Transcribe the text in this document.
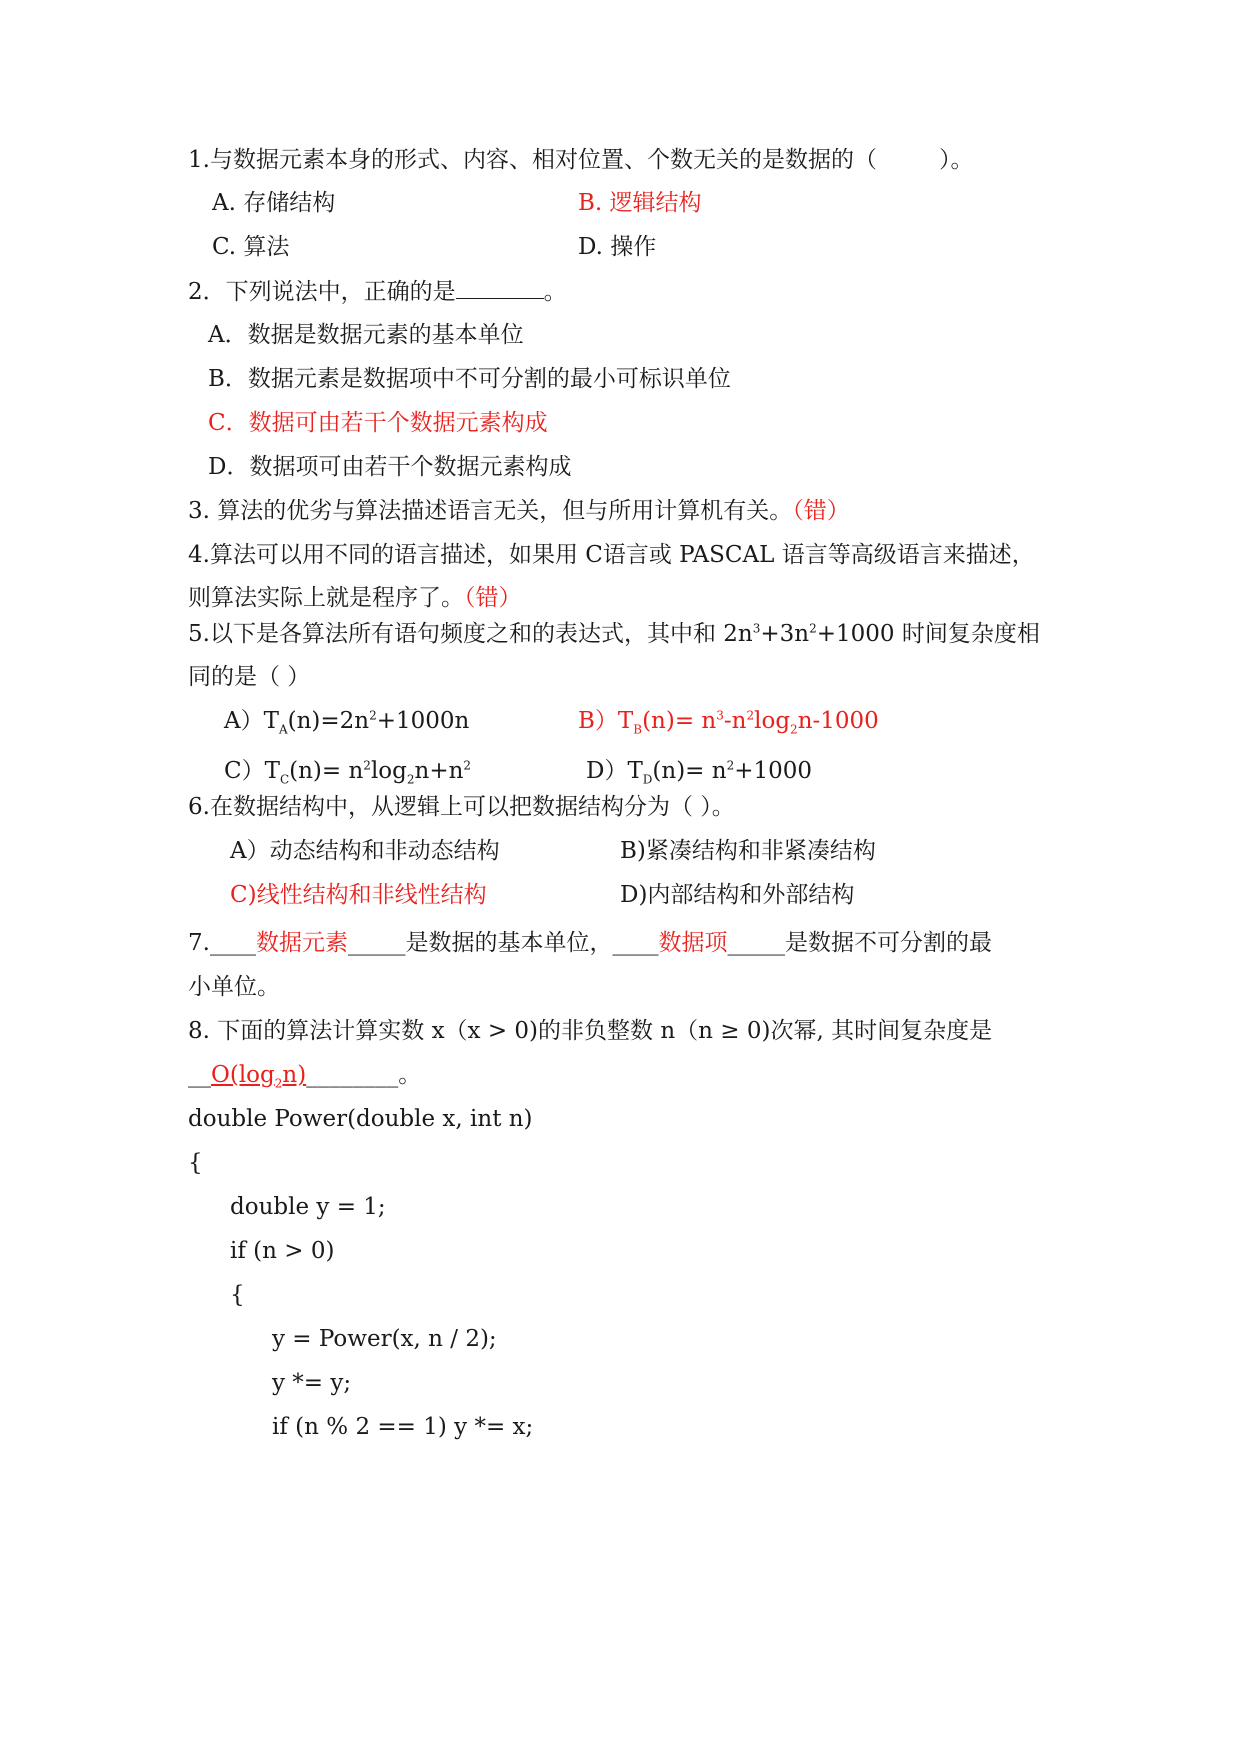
1.与数据元素本身的形式、内容、相对位置、个数无关的是数据的（	）。
A. 存储结构	B. 逻辑结构
C. 算法	D. 操作
2．下列说法中，正确的是	。
A．数据是数据元素的基本单位
B．数据元素是数据项中不可分割的最小可标识单位
C．数据可由若干个数据元素构成
D．数据项可由若干个数据元素构成
3. 算法的优劣与算法描述语言无关，但与所用计算机有关。（错）
4.算法可以用不同的语言描述，如果用 C语言或 PASCAL 语言等高级语言来描述，
则算法实际上就是程序了。（错）
5.以下是各算法所有语句频度之和的表达式，其中和 $2n^3+3n^2+1000$ 时间复杂度相
同的是（ ）
$A)T_A(n)=2n^2+1000n$	$B)T_B(n)= n^3-n^2\log_2n-1000$
$C)T_C(n)= n^2\log_2n+n^2$	$D)T_D(n)= n^2+1000$
6.在数据结构中，从逻辑上可以把数据结构分为（ ）。
A）动态结构和非动态结构	B)紧凑结构和非紧凑结构
C)线性结构和非线性结构	D)内部结构和外部结构
7.____数据元素_____是数据的基本单位，____数据项_____是数据不可分割的最
小单位。
8. 下面的算法计算实数 x（x > 0)的非负整数 n（n ≥ 0)次幂, 其时间复杂度是
$\_\_O(\log_2n)\_\_\_\_\_\_\_\_$。
double Power(double x, int n)
{
double y = 1;
if (n > 0)
{
y = Power(x, n / 2);
y *= y;
if (n % 2 == 1) y *= x;
